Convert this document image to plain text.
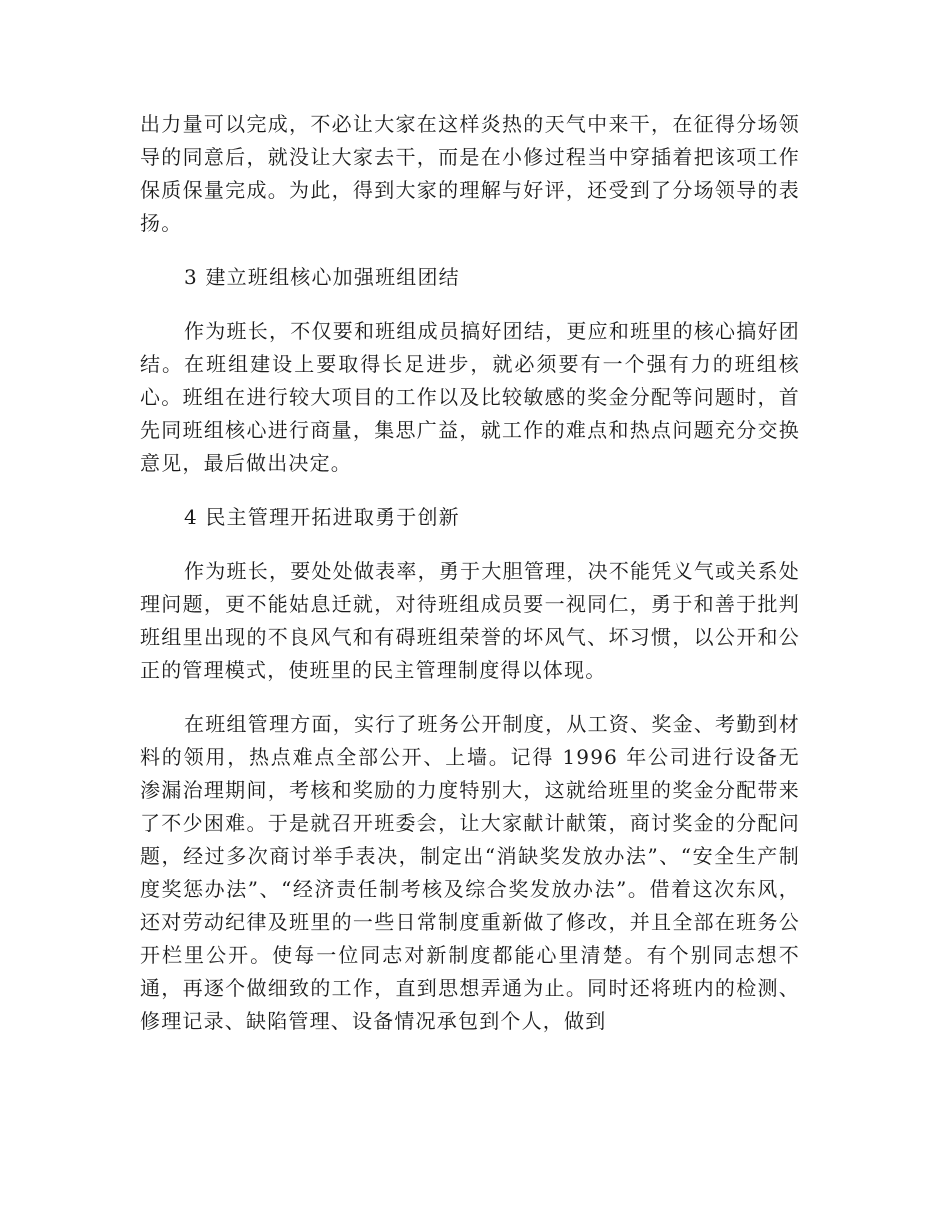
出力量可以完成，不必让大家在这样炎热的天气中来干，在征得分场领导的同意后，就没让大家去干，而是在小修过程当中穿插着把该项工作保质保量完成。为此，得到大家的理解与好评，还受到了分场领导的表扬。

3 建立班组核心加强班组团结

作为班长，不仅要和班组成员搞好团结，更应和班里的核心搞好团结。在班组建设上要取得长足进步，就必须要有一个强有力的班组核心。班组在进行较大项目的工作以及比较敏感的奖金分配等问题时，首先同班组核心进行商量，集思广益，就工作的难点和热点问题充分交换意见，最后做出决定。

4 民主管理开拓进取勇于创新

作为班长，要处处做表率，勇于大胆管理，决不能凭义气或关系处理问题，更不能姑息迁就，对待班组成员要一视同仁，勇于和善于批判班组里出现的不良风气和有碍班组荣誉的坏风气、坏习惯，以公开和公正的管理模式，使班里的民主管理制度得以体现。

在班组管理方面，实行了班务公开制度，从工资、奖金、考勤到材料的领用，热点难点全部公开、上墙。记得 1996 年公司进行设备无渗漏治理期间，考核和奖励的力度特别大，这就给班里的奖金分配带来了不少困难。于是就召开班委会，让大家献计献策，商讨奖金的分配问题，经过多次商讨举手表决，制定出“消缺奖发放办法”、“安全生产制度奖惩办法”、“经济责任制考核及综合奖发放办法”。借着这次东风，还对劳动纪律及班里的一些日常制度重新做了修改，并且全部在班务公开栏里公开。使每一位同志对新制度都能心里清楚。有个别同志想不通，再逐个做细致的工作，直到思想弄通为止。同时还将班内的检测、修理记录、缺陷管理、设备情况承包到个人，做到
